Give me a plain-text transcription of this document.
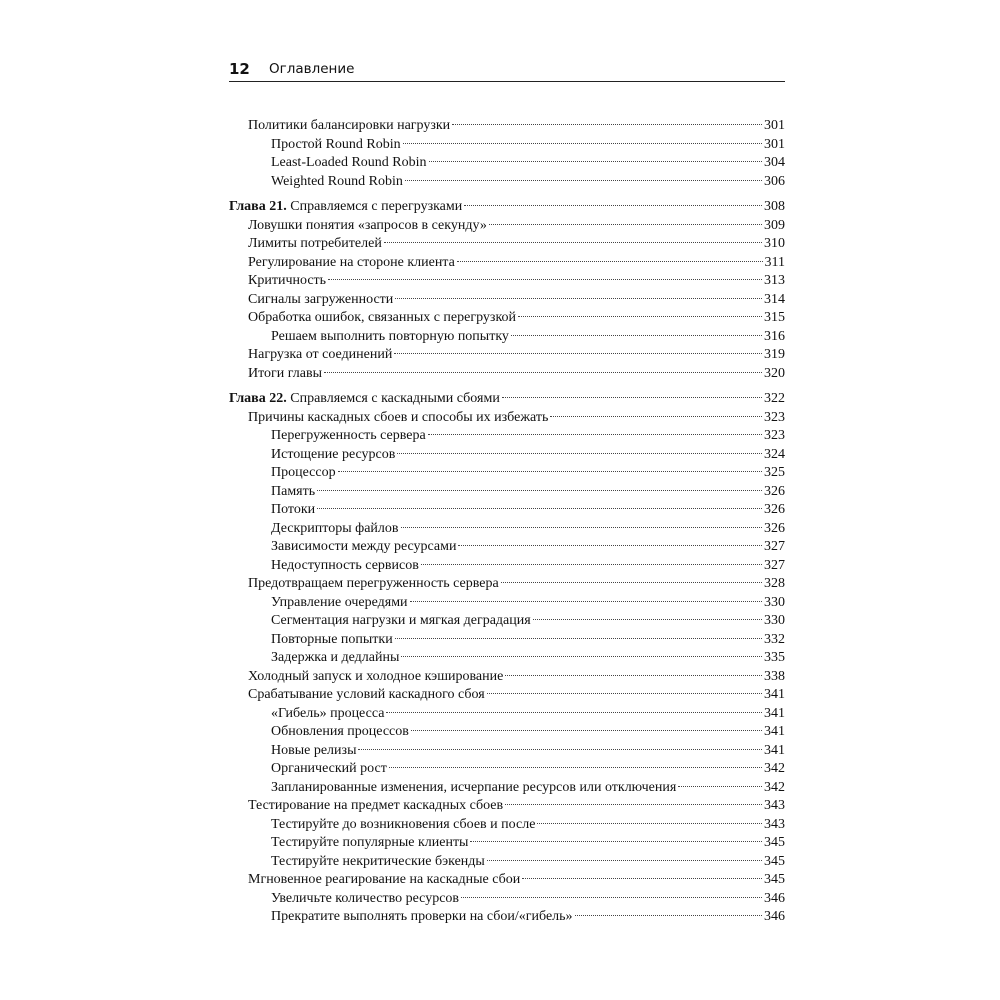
12 Оглавление
Политики балансировки нагрузки	301
Простой Round Robin	301
Least-Loaded Round Robin	304
Weighted Round Robin	306
Глава 21. Справляемся с перегрузками	308
Ловушки понятия «запросов в секунду»	309
Лимиты потребителей	310
Регулирование на стороне клиента	311
Критичность	313
Сигналы загруженности	314
Обработка ошибок, связанных с перегрузкой	315
Решаем выполнить повторную попытку	316
Нагрузка от соединений	319
Итоги главы	320
Глава 22. Справляемся с каскадными сбоями	322
Причины каскадных сбоев и способы их избежать	323
Перегруженность сервера	323
Истощение ресурсов	324
Процессор	325
Память	326
Потоки	326
Дескрипторы файлов	326
Зависимости между ресурсами	327
Недоступность сервисов	327
Предотвращаем перегруженность сервера	328
Управление очередями	330
Сегментация нагрузки и мягкая деградация	330
Повторные попытки	332
Задержка и дедлайны	335
Холодный запуск и холодное кэширование	338
Срабатывание условий каскадного сбоя	341
«Гибель» процесса	341
Обновления процессов	341
Новые релизы	341
Органический рост	342
Запланированные изменения, исчерпание ресурсов или отключения	342
Тестирование на предмет каскадных сбоев	343
Тестируйте до возникновения сбоев и после	343
Тестируйте популярные клиенты	345
Тестируйте некритические бэкенды	345
Мгновенное реагирование на каскадные сбои	345
Увеличьте количество ресурсов	346
Прекратите выполнять проверки на сбои/«гибель»	346
